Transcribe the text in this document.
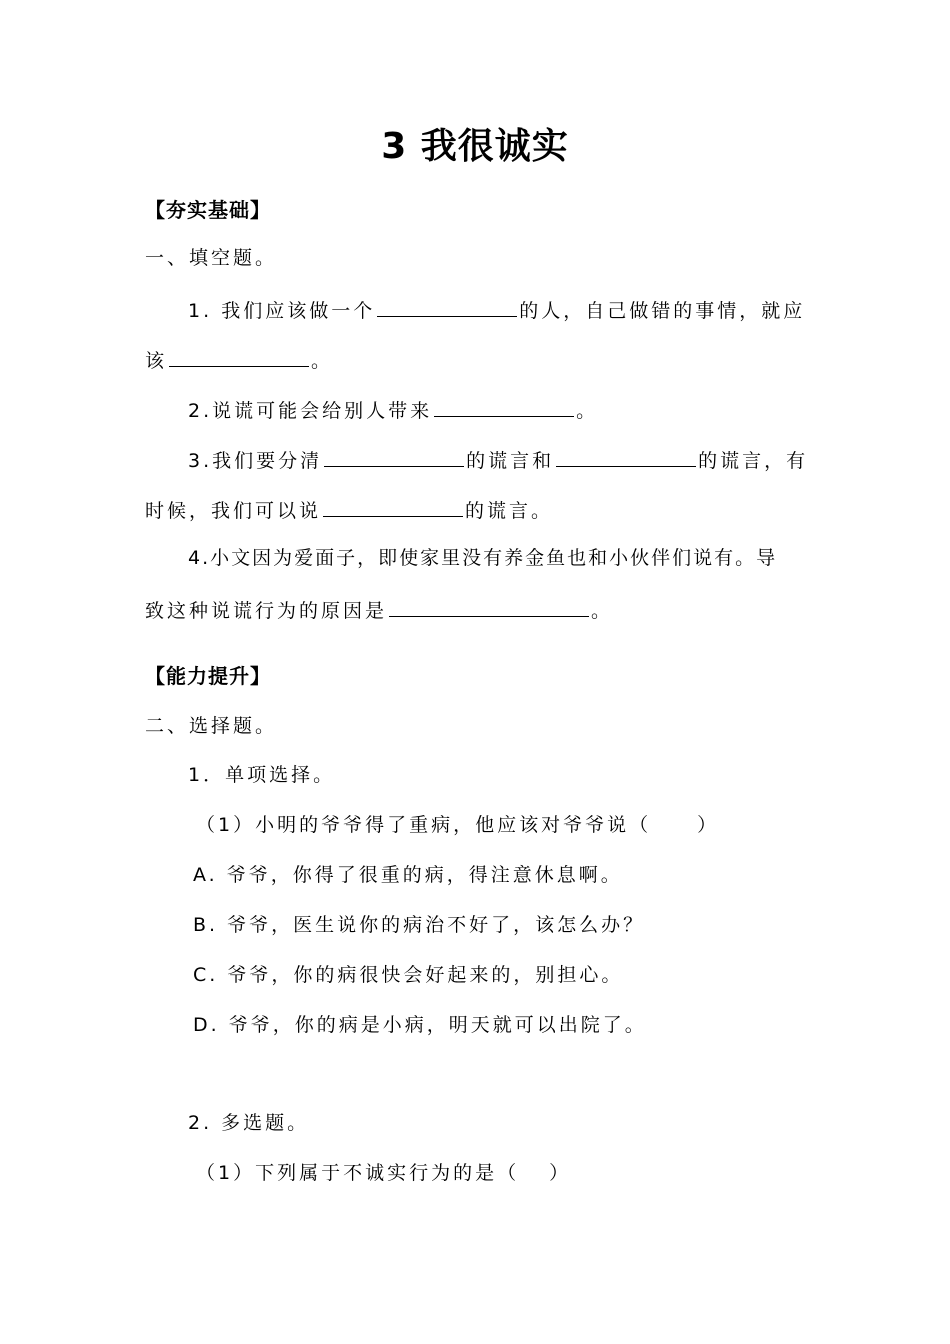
3 我很诚实
【夯实基础】
一、填空题。
1. 我们应该做一个	的人，自己做错的事情，就应
该	。
2.说谎可能会给别人带来	。
3.我们要分清	的谎言和	的谎言，有
时候，我们可以说	的谎言。
4.小文因为爱面子，即使家里没有养金鱼也和小伙伴们说有。导
致这种说谎行为的原因是	。
【能力提升】
二、选择题。
1．单项选择。
（1）小明的爷爷得了重病，他应该对爷爷说（ ）
A. 爷爷，你得了很重的病，得注意休息啊。
B. 爷爷，医生说你的病治不好了，该怎么办？
C. 爷爷，你的病很快会好起来的，别担心。
D. 爷爷，你的病是小病，明天就可以出院了。
2. 多选题。
（1）下列属于不诚实行为的是（ ）
